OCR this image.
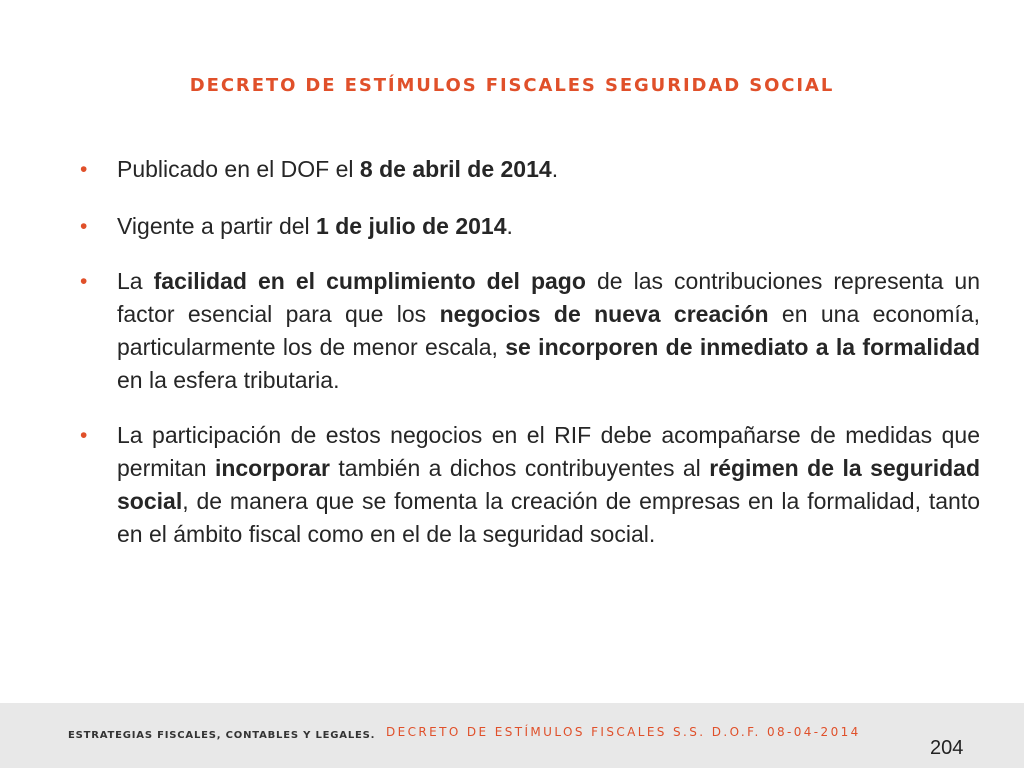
DECRETO DE ESTÍMULOS FISCALES SEGURIDAD SOCIAL
•	Publicado en el DOF el 8 de abril de 2014.
•	Vigente a partir del 1 de julio de 2014.
•	La facilidad en el cumplimiento del pago de las contribuciones representa un factor esencial para que los negocios de nueva creación en una economía, particularmente los de menor escala, se incorporen de inmediato a la formalidad en la esfera tributaria.
•	La participación de estos negocios en el RIF debe acompañarse de medidas que permitan incorporar también a dichos contribuyentes al régimen de la seguridad social, de manera que se fomenta la creación de empresas en la formalidad, tanto en el ámbito fiscal como en el de la seguridad social.
ESTRATEGIAS FISCALES, CONTABLES Y LEGALES. DECRETO DE ESTÍMULOS FISCALES S.S. D.O.F. 08-04-2014
204
